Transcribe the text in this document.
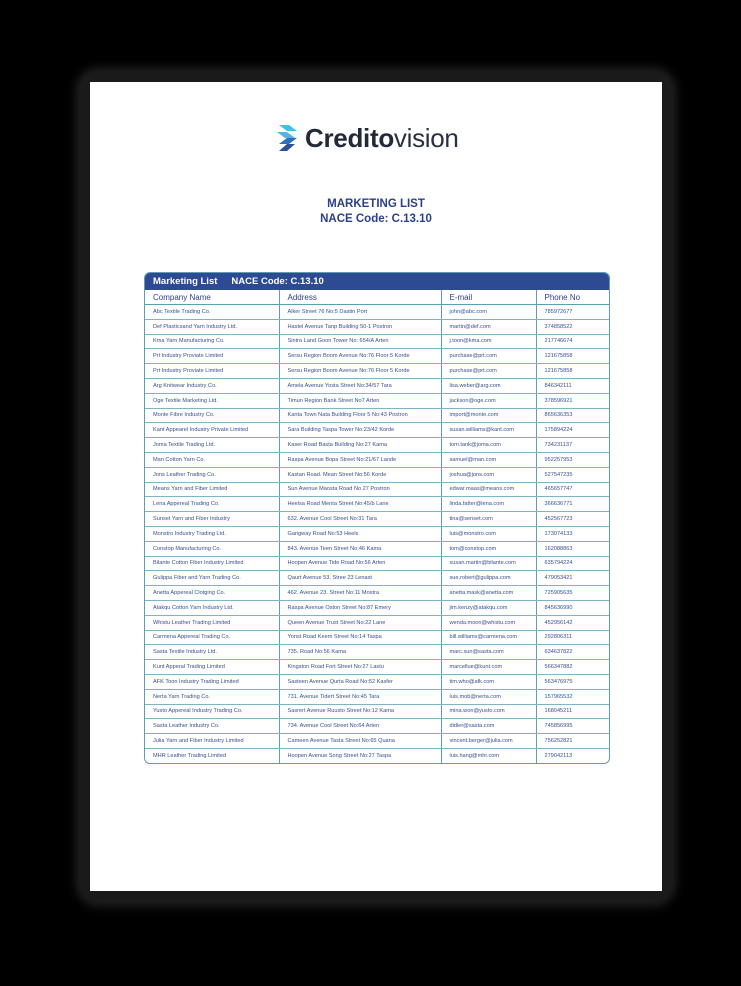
Creditovision
MARKETING LIST
NACE Code: C.13.10
Marketing List NACE Code: C.13.10
Company Name	Address	E-mail	Phone No
Abc Textile Trading Co.	Alker Street 76 No:5 Dastin Port	john@abc.com	785972677
Def Plasticsand Yarn Industry Ltd.	Hastel Avenue Tanp Building 50-1 Postron	martin@def.com	374858522
Kma Yarn Manufacturing Co.	Sintra Land Goon Tower No: 654/A Arten	j.toon@kma.com	217746674
Prt Industry Proviate Limited	Sersu Region Boom Avenue No:76 Floor 5 Korde	purchase@prt.com	121675858
Prt Industry Proviate Limited	Sersu Region Boom Avenue No:76 Floor 5 Korde	purchase@prt.com	121675858
Arg Knitwear Industry Co.	Amela Avenue Yosta Street No:34/57 Tara	lisa.weber@arg.com	846342111
Oge Textile Marketing Ltd.	Timun Region Bank Street No7 Arten	jackson@oge.com	378596921
Monte Fibre Industry Co.	Kanta Town Nata Building Floor 5 No:43 Postron	import@monte.com	865636353
Kant Appearel Industry Private Limited	Sara Building Taspa Tower No:23/42 Korde	susan.williams@kant.com	175894224
Joma Textile Trading Ltd.	Kaser Road Basta Building No:27 Kama	tom.tank@joma.com	734231137
Man Cotton Yarn Co.	Raspa Avenue Bopa Street No:21/67 Lande	samuel@man.com	952257953
Jons Leather Trading Co.	Kastan Road. Mean Street No:56 Korde	joshua@jons.com	527547235
Means Yarn and Fiber Limited	Sun Avenue Maosta Road No 27 Postron	edwar.maas@means.com	465657747
Lena Appereal Trading Co.	Heelsa Road Menta Street No:45/b Lane	linda.fatter@lena.com	366636771
Sunset Yarn and Fiber Industry	632. Avenue Cool Street No:31 Tara	tina@senset.com	452567723
Monstro Industry Trading Ltd.	Gangway Road No:53 Heels	luis@monstro.com	173074133
Constop Manufacturing Co.	843. Avenue Teen Street No:46 Kama	tom@constop.com	162088863
Bilante Cotton Fiber Industry Limited	Hoopen Avenue Tide Road No:56 Arten	susan.martin@bilante.com	635794224
Gulippa Fiber and Yarn Trading Co.	Qaurt Avenue 53. Stree 23 Lenast	sue.robert@gulippa.com	479053421
Anetta Appereal Clotging Co.	462. Avenue 23. Street No:11 Mostra	anetta.mask@anetta.com	725905635
Atakqu Cotton Yarn Industry Ltd.	Raspa Avenue Oston Street No:87 Emery	jim.kenzy@atakqu.com	845636990
Whistu Leather Trading Limited	Queen Avenue Trust Street No:22 Lane	wenda.moon@whistu.com	452956142
Carmena Appereal Trading Co.	Yonst Road Keem Street No:14 Taspa	bill.williams@carmena.com	292806311
Sasta Textile Industry Ltd.	735. Road No:56 Kama	marc.sun@sasta.com	634637822
Kunt Apperal Trading Limited	Kingston Road Fort Street No:27 Lastu	marcellue@kunt.com	566347882
AFK Toon Industry Trading Limited	Sasteen Avenue Qurta Road No:52 Kasfer	tim.who@afk.com	563476975
Nerta Yarn Trading Co.	731. Avenue Tidert Street No:45 Tara	luis.mob@nerta.com	157965532
Yusto Appereal Industry Trading Co.	Sasrert Avenue Ruusto Street No:12 Kama	mina.won@yusto.com	168045211
Sasta Leather Industry Co.	734. Avenue Cool Street No:64 Arten	didier@sasta.com	745856995
Julia Yarn and Fiber Industry Limited	Cameen Avenue Tasta Street No:65 Quana	vincent.berger@julia.com	756252821
MHR Leather Trading Limited	Hoopen Avenue Song Street No:27 Taspa	luis.hang@mhr.com	279042113
